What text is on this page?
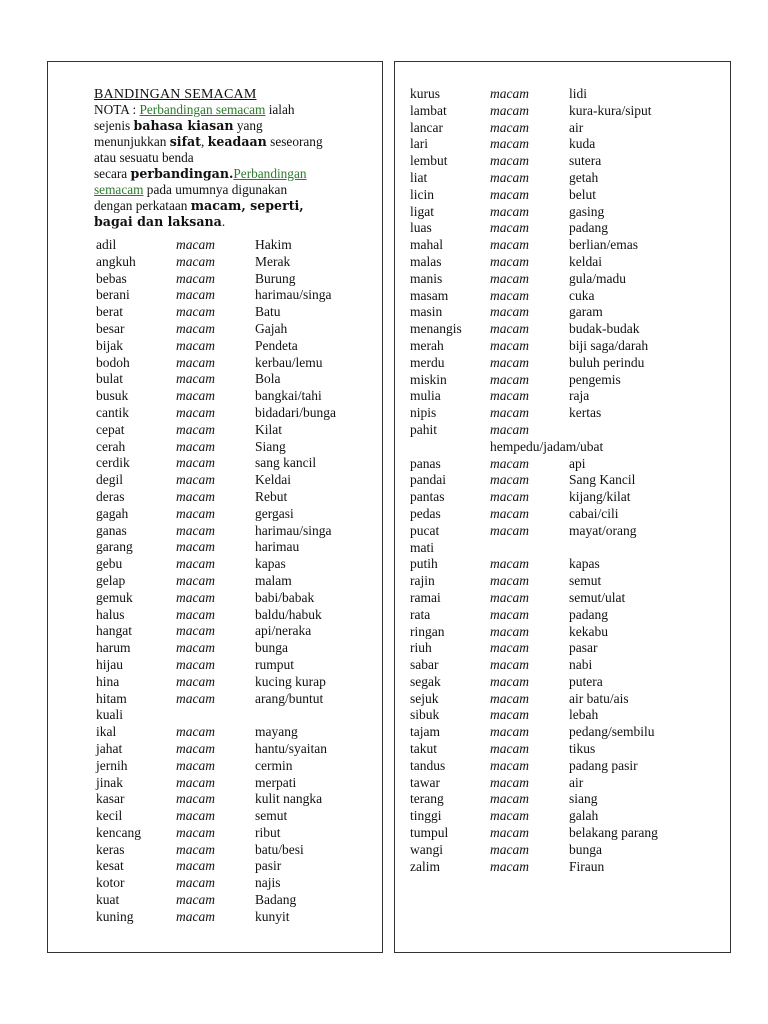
BANDINGAN SEMACAM
NOTA : Perbandingan semacam ialah
sejenis bahasa kiasan yang
menunjukkan sifat, keadaan seseorang
atau sesuatu benda
secara perbandingan.Perbandingan
semacam pada umumnya digunakan
dengan perkataan macam, seperti,
bagai dan laksana.
adil	macam	Hakim
angkuh	macam	Merak
bebas	macam	Burung
berani	macam	harimau/singa
berat	macam	Batu
besar	macam	Gajah
bijak	macam	Pendeta
bodoh	macam	kerbau/lemu
bulat	macam	Bola
busuk	macam	bangkai/tahi
cantik	macam	bidadari/bunga
cepat	macam	Kilat
cerah	macam	Siang
cerdik	macam	sang kancil
degil	macam	Keldai
deras	macam	Rebut
gagah	macam	gergasi
ganas	macam	harimau/singa
garang	macam	harimau
gebu	macam	kapas
gelap	macam	malam
gemuk	macam	babi/babak
halus	macam	baldu/habuk
hangat	macam	api/neraka
harum	macam	bunga
hijau	macam	rumput
hina	macam	kucing kurap
hitam	macam	arang/buntut
kuali
ikal	macam	mayang
jahat	macam	hantu/syaitan
jernih	macam	cermin
jinak	macam	merpati
kasar	macam	kulit nangka
kecil	macam	semut
kencang	macam	ribut
keras	macam	batu/besi
kesat	macam	pasir
kotor	macam	najis
kuat	macam	Badang
kuning	macam	kunyit
kurus	macam	lidi
lambat	macam	kura-kura/siput
lancar	macam	air
lari	macam	kuda
lembut	macam	sutera
liat	macam	getah
licin	macam	belut
ligat	macam	gasing
luas	macam	padang
mahal	macam	berlian/emas
malas	macam	keldai
manis	macam	gula/madu
masam	macam	cuka
masin	macam	garam
menangis macam	budak-budak
merah	macam	biji saga/darah
merdu	macam	buluh perindu
miskin	macam	pengemis
mulia	macam	raja
nipis	macam	kertas
pahit	macam
hempedu/jadam/ubat
panas	macam	api
pandai	macam	Sang Kancil
pantas	macam	kijang/kilat
pedas	macam	cabai/cili
pucat	macam	mayat/orang
mati
putih	macam	kapas
rajin	macam	semut
ramai	macam	semut/ulat
rata	macam	padang
ringan	macam	kekabu
riuh	macam	pasar
sabar	macam	nabi
segak	macam	putera
sejuk	macam	air batu/ais
sibuk	macam	lebah
tajam	macam	pedang/sembilu
takut	macam	tikus
tandus	macam	padang pasir
tawar	macam	air
terang	macam	siang
tinggi	macam	galah
tumpul	macam	belakang parang
wangi	macam	bunga
zalim	macam	Firaun
